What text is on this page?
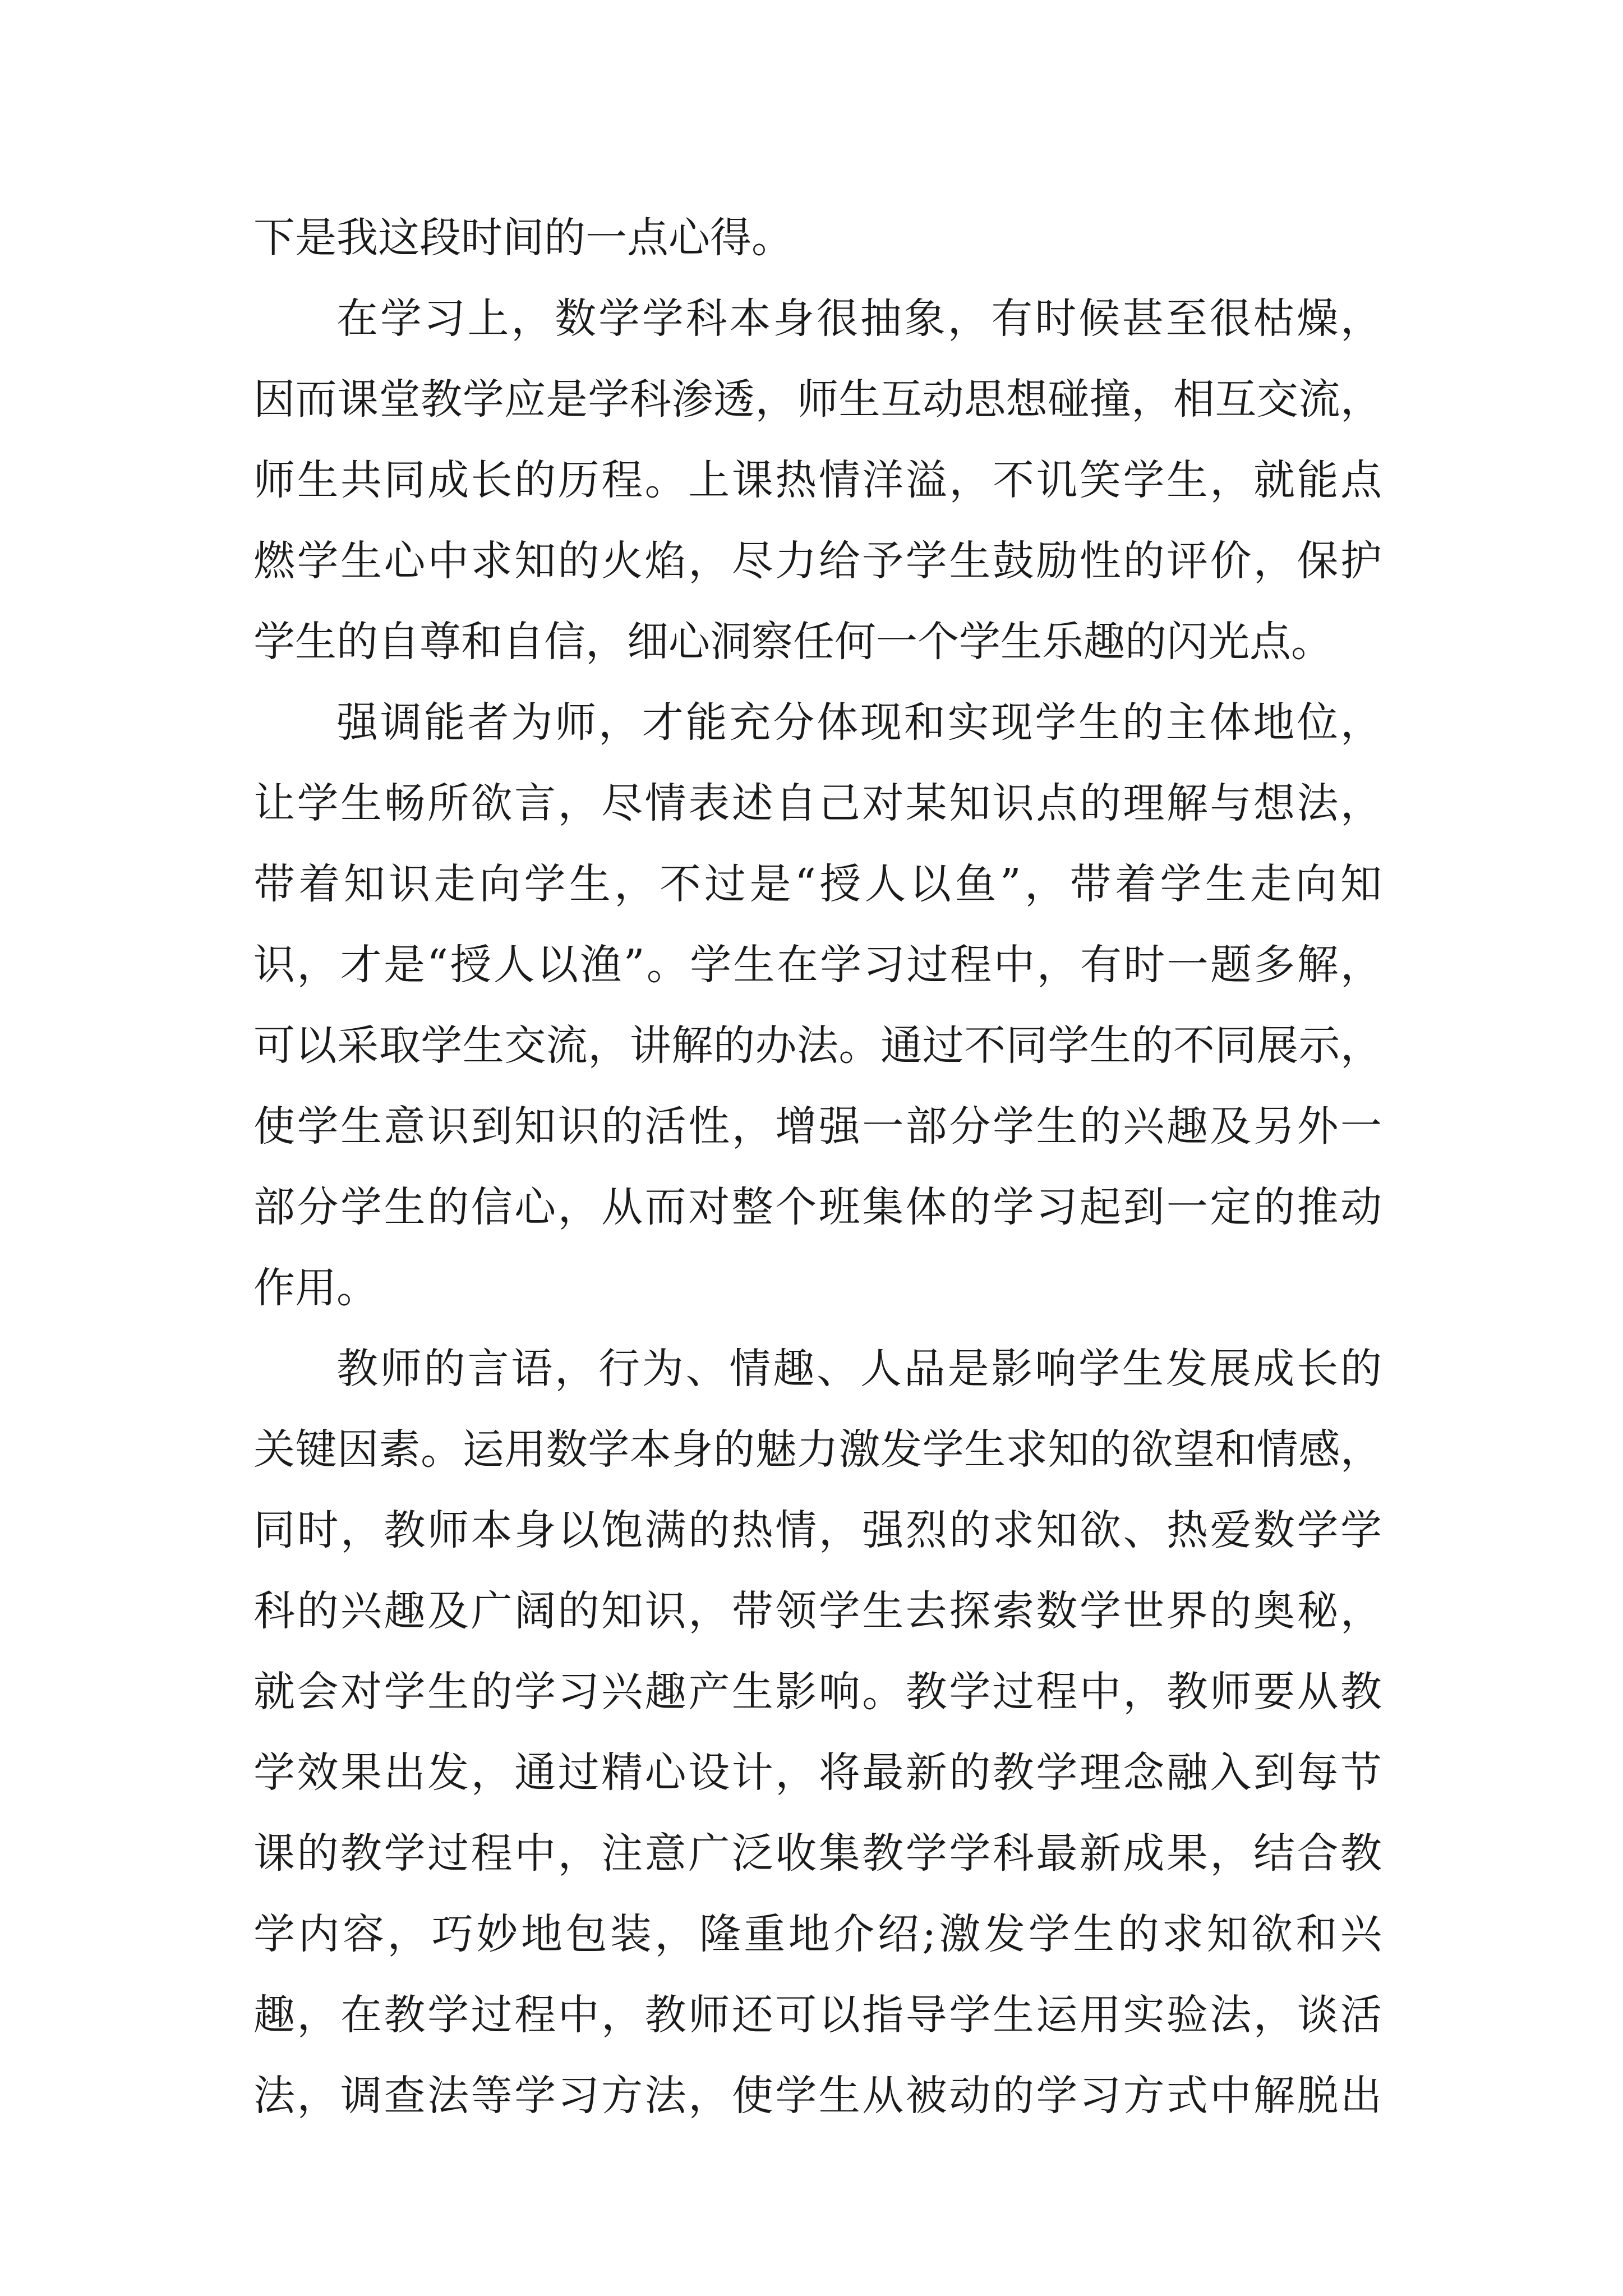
下是我这段时间的一点心得。
在学习上，数学学科本身很抽象，有时候甚至很枯燥，
因而课堂教学应是学科渗透，师生互动思想碰撞，相互交流，
师生共同成长的历程。上课热情洋溢，不讥笑学生，就能点
燃学生心中求知的火焰，尽力给予学生鼓励性的评价，保护
学生的自尊和自信，细心洞察任何一个学生乐趣的闪光点。
强调能者为师，才能充分体现和实现学生的主体地位，
让学生畅所欲言，尽情表述自己对某知识点的理解与想法，
带着知识走向学生，不过是“授人以鱼”，带着学生走向知
识，才是“授人以渔”。学生在学习过程中，有时一题多解，
可以采取学生交流，讲解的办法。通过不同学生的不同展示，
使学生意识到知识的活性，增强一部分学生的兴趣及另外一
部分学生的信心，从而对整个班集体的学习起到一定的推动
作用。
教师的言语，行为、情趣、人品是影响学生发展成长的
关键因素。运用数学本身的魅力激发学生求知的欲望和情感，
同时，教师本身以饱满的热情，强烈的求知欲、热爱数学学
科的兴趣及广阔的知识，带领学生去探索数学世界的奥秘，
就会对学生的学习兴趣产生影响。教学过程中，教师要从教
学效果出发，通过精心设计，将最新的教学理念融入到每节
课的教学过程中，注意广泛收集教学学科最新成果，结合教
学内容，巧妙地包装，隆重地介绍;激发学生的求知欲和兴
趣，在教学过程中，教师还可以指导学生运用实验法，谈活
法，调查法等学习方法，使学生从被动的学习方式中解脱出
